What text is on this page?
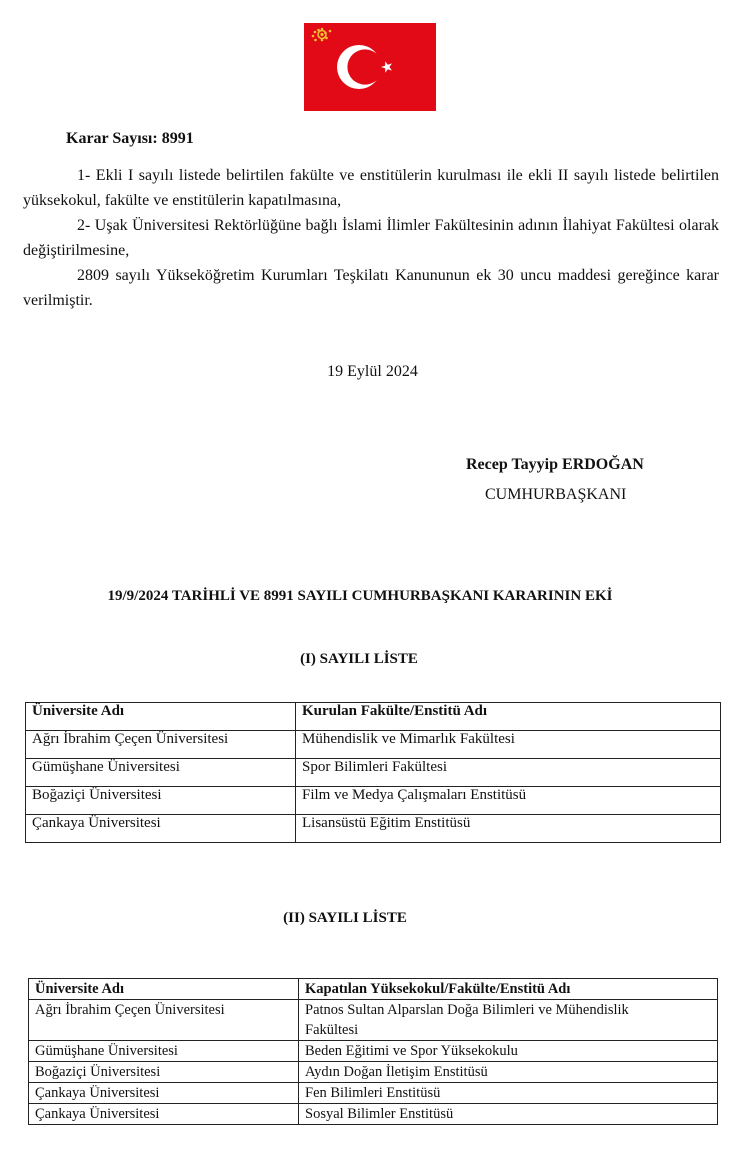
Karar Sayısı: 8991
1- Ekli I sayılı listede belirtilen fakülte ve enstitülerin kurulması ile ekli II sayılı listede belirtilen yüksekokul, fakülte ve enstitülerin kapatılmasına,
2- Uşak Üniversitesi Rektörlüğüne bağlı İslami İlimler Fakültesinin adının İlahiyat Fakültesi olarak değiştirilmesine,
2809 sayılı Yükseköğretim Kurumları Teşkilatı Kanununun ek 30 uncu maddesi gereğince karar verilmiştir.
19 Eylül 2024
Recep Tayyip ERDOĞAN
CUMHURBAŞKANI
19/9/2024 TARİHLİ VE 8991 SAYILI CUMHURBAŞKANI KARARININ EKİ
(I) SAYILI LİSTE
Üniversite Adı	Kurulan Fakülte/Enstitü Adı
Ağrı İbrahim Çeçen Üniversitesi	Mühendislik ve Mimarlık Fakültesi
Gümüşhane Üniversitesi	Spor Bilimleri Fakültesi
Boğaziçi Üniversitesi	Film ve Medya Çalışmaları Enstitüsü
Çankaya Üniversitesi	Lisansüstü Eğitim Enstitüsü
(II) SAYILI LİSTE
Üniversite Adı	Kapatılan Yüksekokul/Fakülte/Enstitü Adı
Ağrı İbrahim Çeçen Üniversitesi	Patnos Sultan Alparslan Doğa Bilimleri ve Mühendislik Fakültesi
Gümüşhane Üniversitesi	Beden Eğitimi ve Spor Yüksekokulu
Boğaziçi Üniversitesi	Aydın Doğan İletişim Enstitüsü
Çankaya Üniversitesi	Fen Bilimleri Enstitüsü
Çankaya Üniversitesi	Sosyal Bilimler Enstitüsü
